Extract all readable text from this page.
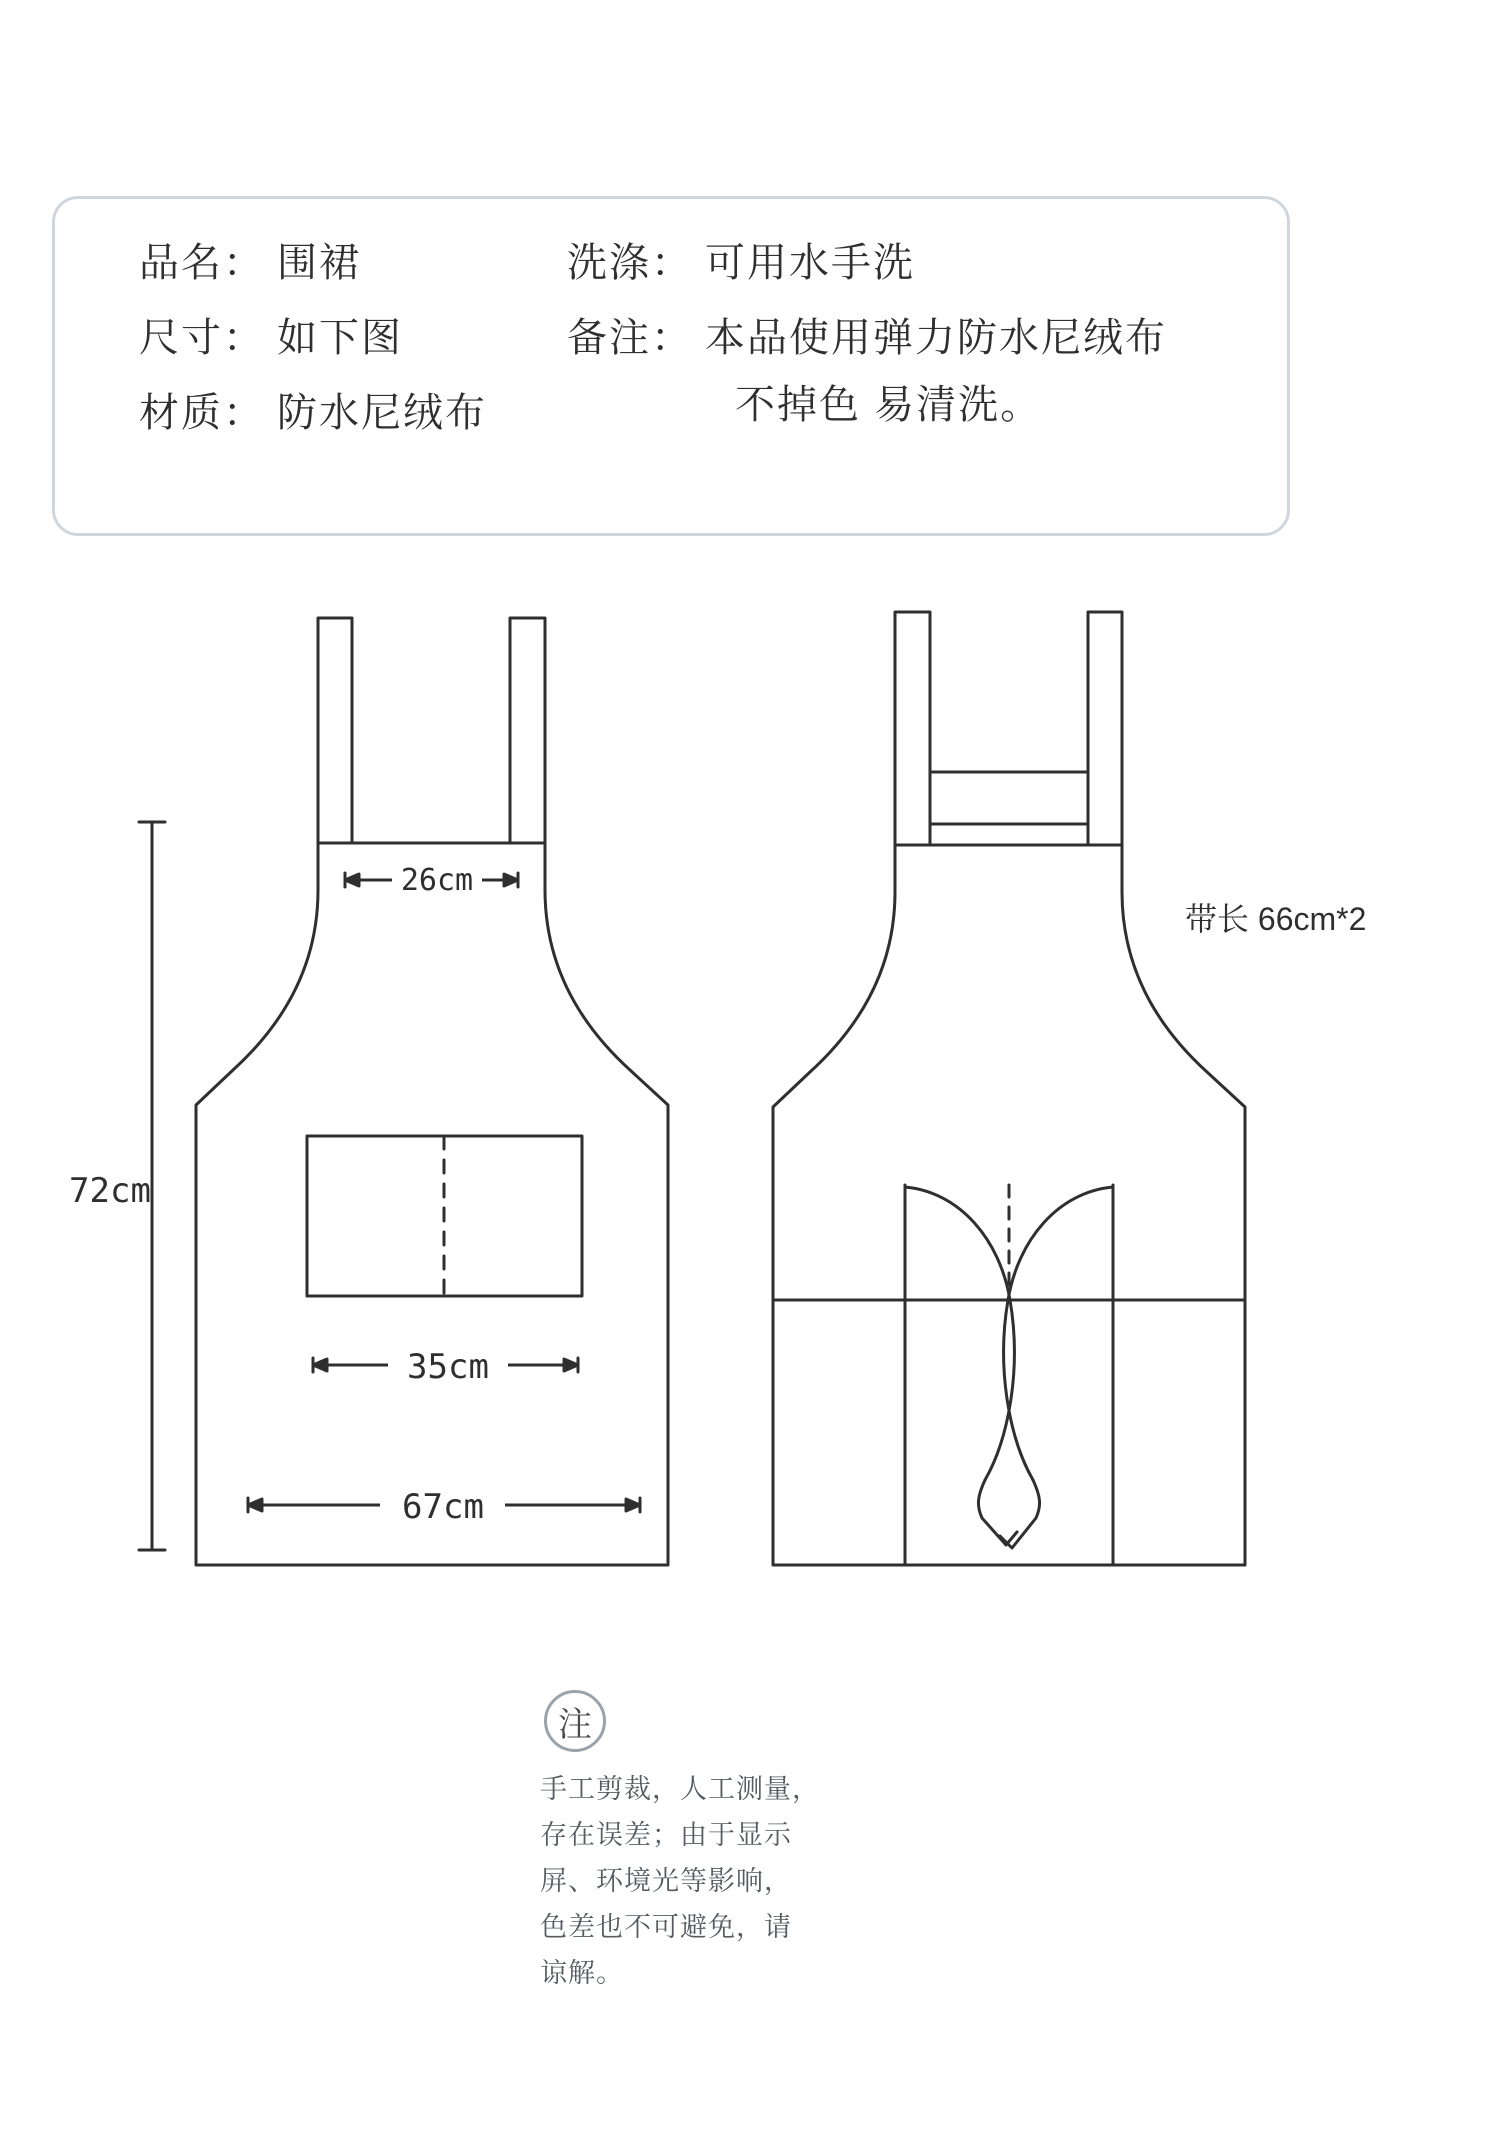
品名： 围裙
尺寸： 如下图
材质： 防水尼绒布
洗涤： 可用水手洗
备注： 本品使用弹力防水尼绒布
不掉色 易清洗。
26cm
72cm
35cm
67cm
带长 66cm*2
注
手工剪裁，人工测量，
存在误差；由于显示
屏、环境光等影响，
色差也不可避免，请
谅解。
